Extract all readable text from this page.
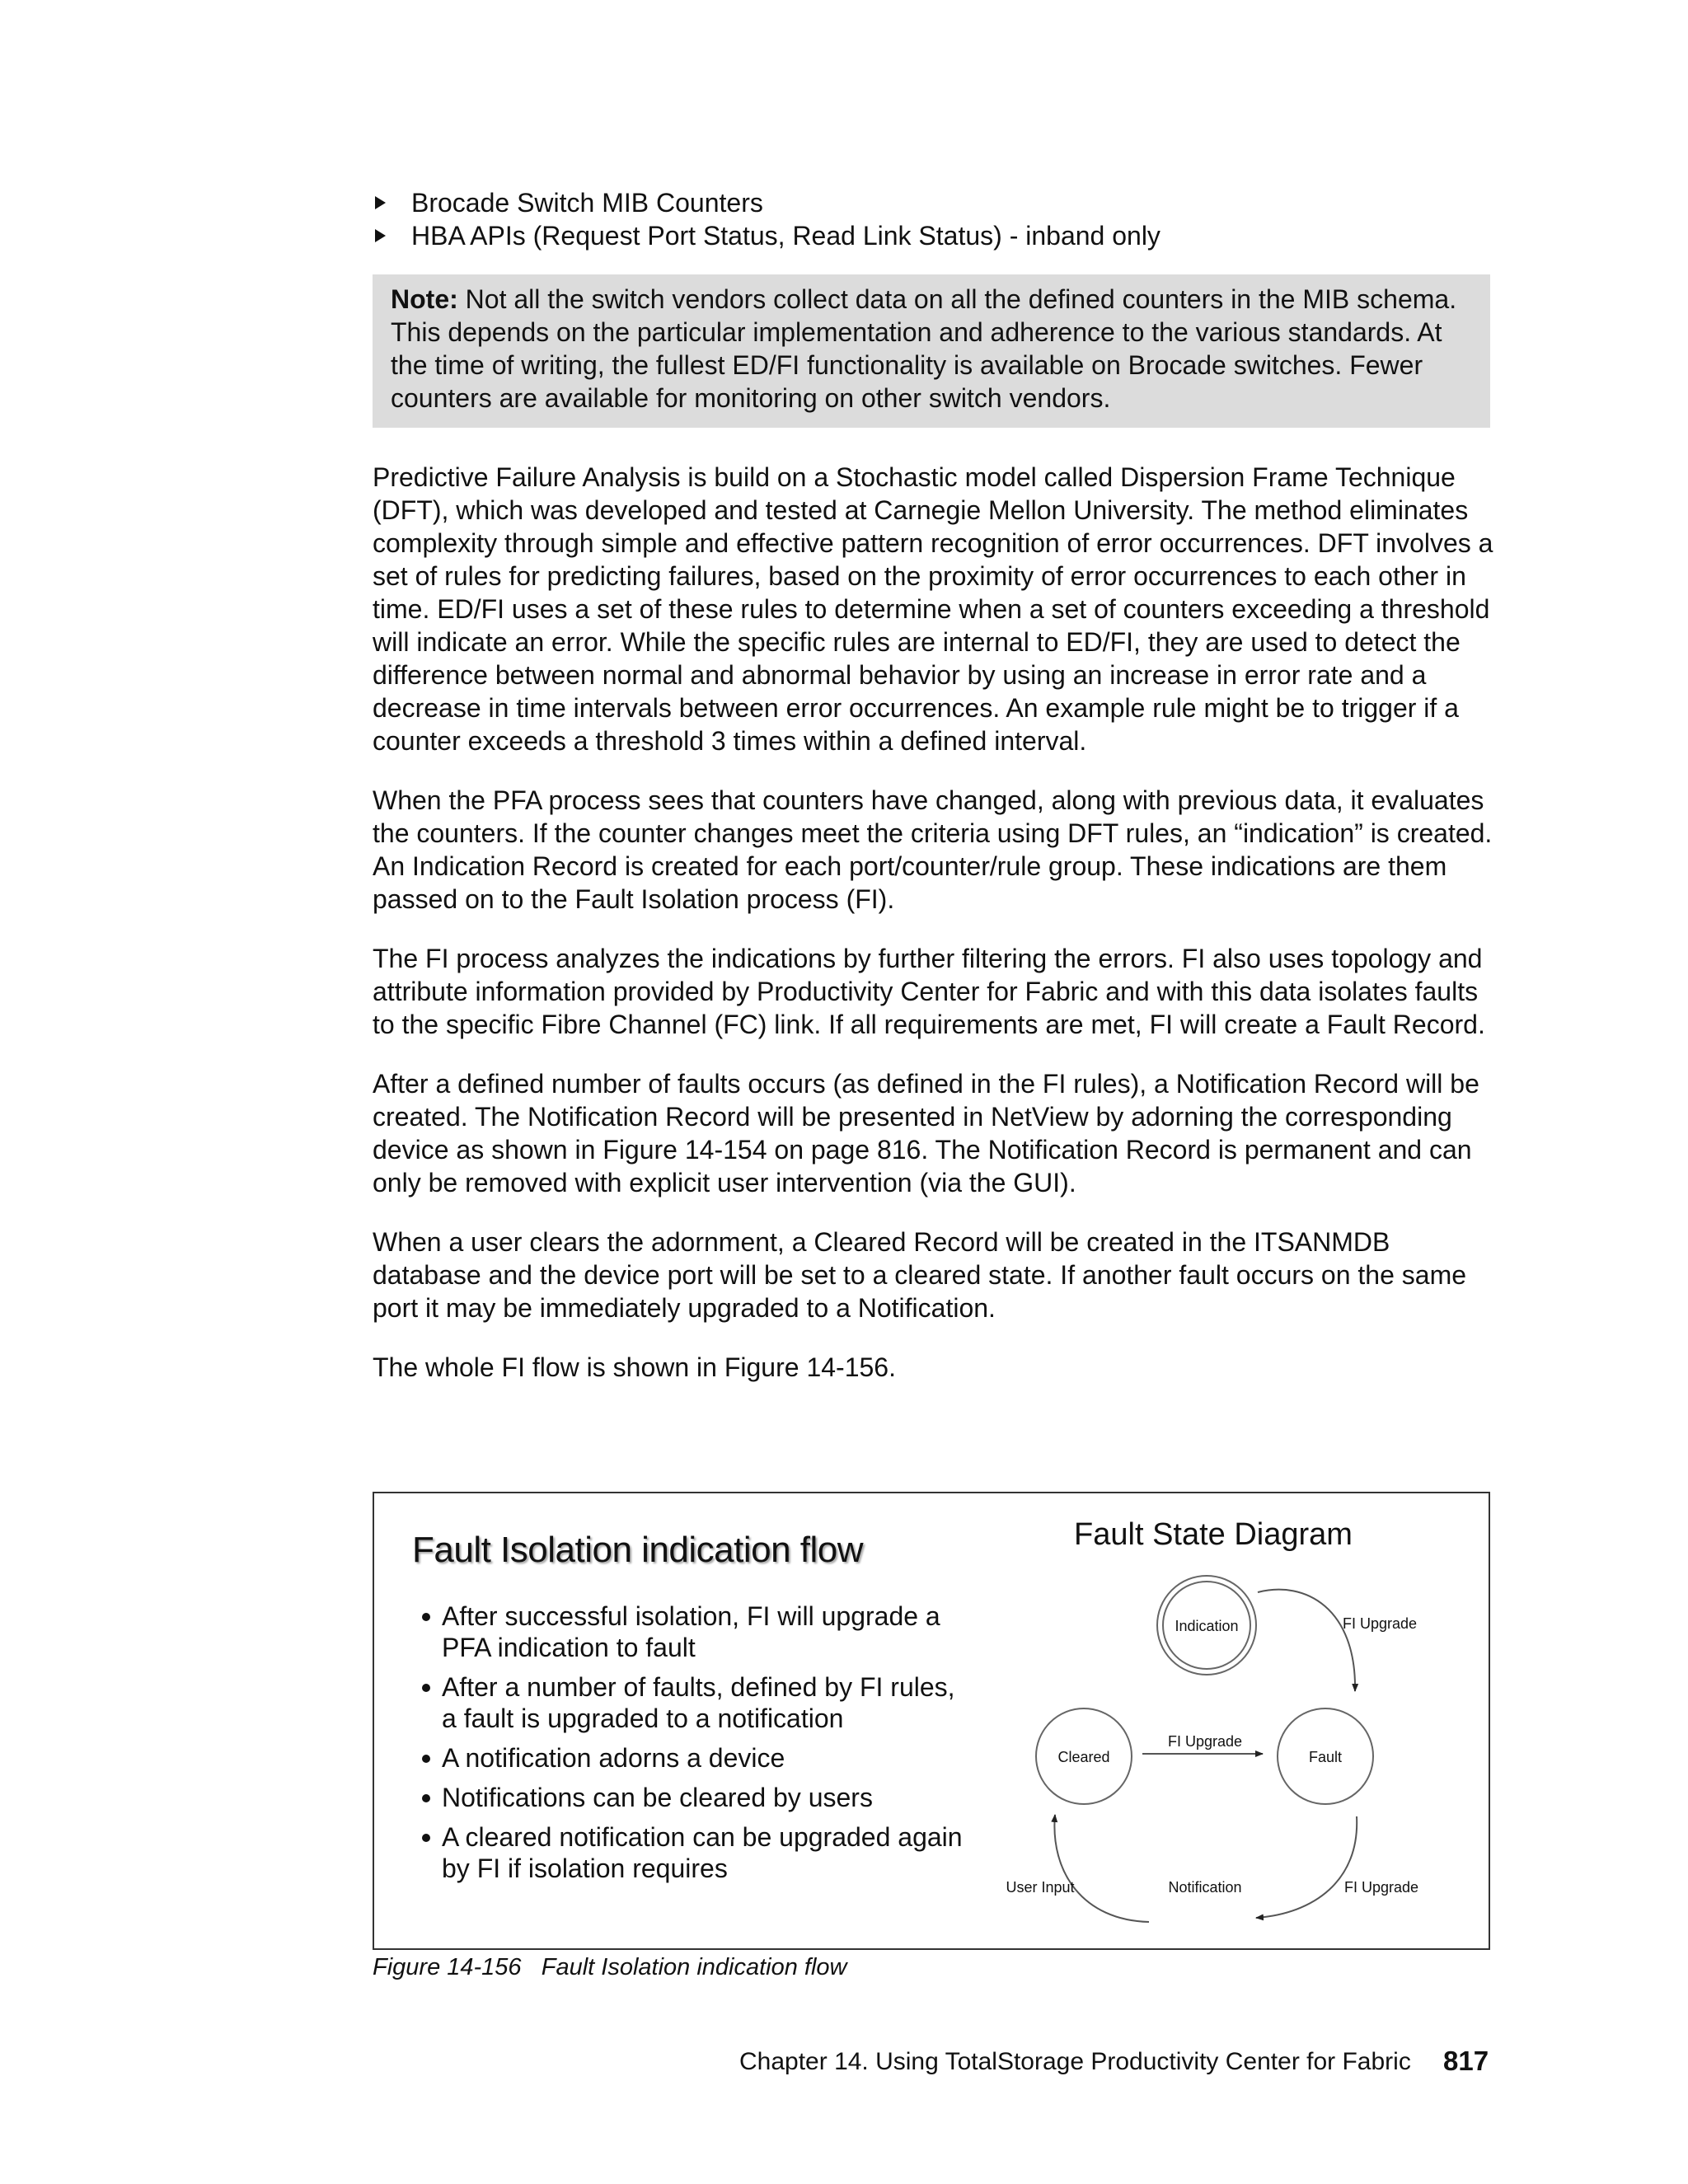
Brocade Switch MIB Counters
HBA APIs (Request Port Status, Read Link Status) - inband only
Note: Not all the switch vendors collect data on all the defined counters in the MIB schema. This depends on the particular implementation and adherence to the various standards. At the time of writing, the fullest ED/FI functionality is available on Brocade switches. Fewer counters are available for monitoring on other switch vendors.

Predictive Failure Analysis is build on a Stochastic model called Dispersion Frame Technique (DFT), which was developed and tested at Carnegie Mellon University. The method eliminates complexity through simple and effective pattern recognition of error occurrences. DFT involves a set of rules for predicting failures, based on the proximity of error occurrences to each other in time. ED/FI uses a set of these rules to determine when a set of counters exceeding a threshold will indicate an error. While the specific rules are internal to ED/FI, they are used to detect the difference between normal and abnormal behavior by using an increase in error rate and a decrease in time intervals between error occurrences. An example rule might be to trigger if a counter exceeds a threshold 3 times within a defined interval.

When the PFA process sees that counters have changed, along with previous data, it evaluates the counters. If the counter changes meet the criteria using DFT rules, an “indication” is created. An Indication Record is created for each port/counter/rule group. These indications are them passed on to the Fault Isolation process (FI).

The FI process analyzes the indications by further filtering the errors. FI also uses topology and attribute information provided by Productivity Center for Fabric and with this data isolates faults to the specific Fibre Channel (FC) link. If all requirements are met, FI will create a Fault Record.

After a defined number of faults occurs (as defined in the FI rules), a Notification Record will be created. The Notification Record will be presented in NetView by adorning the corresponding device as shown in Figure 14-154 on page 816. The Notification Record is permanent and can only be removed with explicit user intervention (via the GUI).

When a user clears the adornment, a Cleared Record will be created in the ITSANMDB database and the device port will be set to a cleared state. If another fault occurs on the same port it may be immediately upgraded to a Notification.

The whole FI flow is shown in Figure 14-156.

Fault Isolation indication flow
After successful isolation, FI will upgrade a PFA indication to fault
After a number of faults, defined by FI rules, a fault is upgraded to a notification
A notification adorns a device
Notifications can be cleared by users
A cleared notification can be upgraded again by FI if isolation requires
Fault State Diagram
Indication
Cleared	Fault
FI Upgrade
FI Upgrade
FI Upgrade
Notification
User Input
Figure 14-156 Fault Isolation indication flow
Chapter 14. Using TotalStorage Productivity Center for Fabric 817
